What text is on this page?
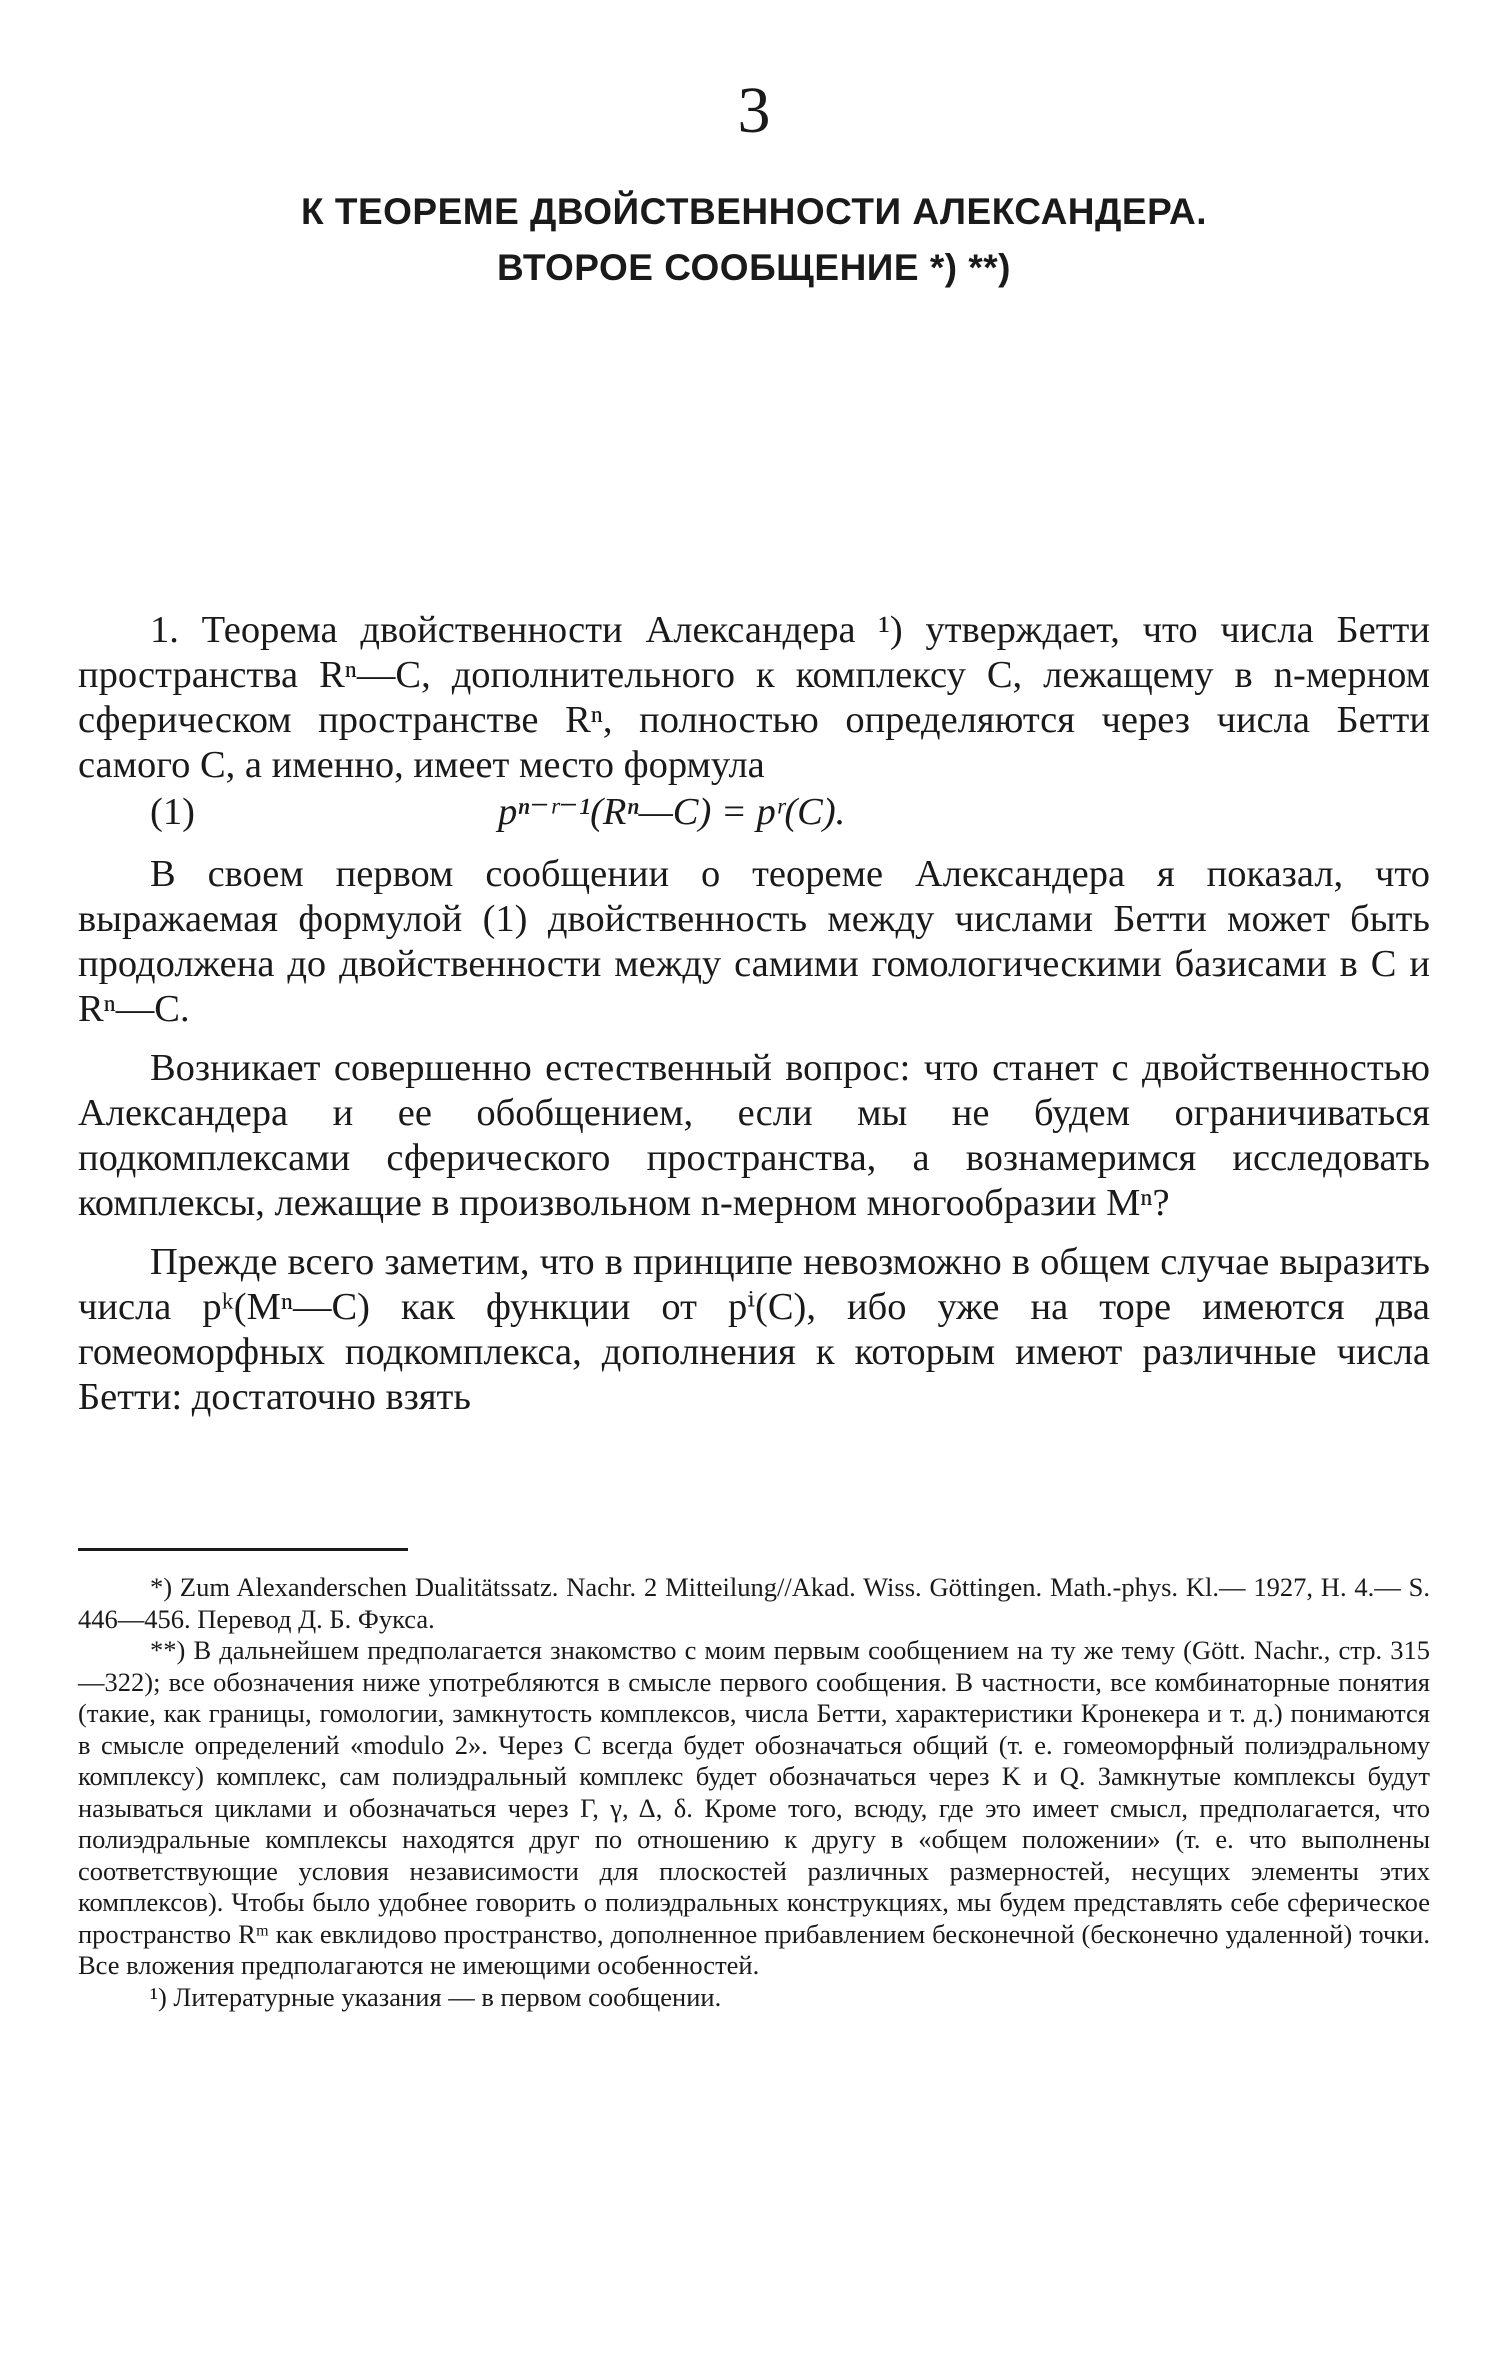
3
К ТЕОРЕМЕ ДВОЙСТВЕННОСТИ АЛЕКСАНДЕРА.
ВТОРОЕ СООБЩЕНИЕ *) **)

1. Теорема двойственности Александера ¹) утверждает, что числа Бетти пространства Rⁿ—C, дополнительного к комплексу C, лежащему в n-мерном сферическом пространстве Rⁿ, полностью определяются через числа Бетти самого C, а именно, имеет место формула

(1)	pⁿ⁻ʳ⁻¹(Rⁿ—C) = pʳ(C).

В своем первом сообщении о теореме Александера я показал, что выражаемая формулой (1) двойственность между числами Бетти может быть продолжена до двойственности между самими гомологическими базисами в C и Rⁿ—C.

Возникает совершенно естественный вопрос: что станет с двойственностью Александера и ее обобщением, если мы не будем ограничиваться подкомплексами сферического пространства, а вознамеримся исследовать комплексы, лежащие в произвольном n-мерном многообразии Mⁿ?

Прежде всего заметим, что в принципе невозможно в общем случае выразить числа pᵏ(Mⁿ—C) как функции от pⁱ(C), ибо уже на торе имеются два гомеоморфных подкомплекса, дополнения к которым имеют различные числа Бетти: достаточно взять

*) Zum Alexanderschen Dualitätssatz. Nachr. 2 Mitteilung//Akad. Wiss. Göttingen. Math.-phys. Kl.— 1927, H. 4.— S. 446—456. Перевод Д. Б. Фукса.

**) В дальнейшем предполагается знакомство с моим первым сообщением на ту же тему (Gött. Nachr., стр. 315—322); все обозначения ниже употребляются в смысле первого сообщения. В частности, все комбинаторные понятия (такие, как границы, гомологии, замкнутость комплексов, числа Бетти, характеристики Кронекера и т. д.) понимаются в смысле определений «modulo 2». Через C всегда будет обозначаться общий (т. е. гомеоморфный полиэдральному комплексу) комплекс, сам полиэдральный комплекс будет обозначаться через K и Q. Замкнутые комплексы будут называться циклами и обозначаться через Γ, γ, Δ, δ. Кроме того, всюду, где это имеет смысл, предполагается, что полиэдральные комплексы находятся друг по отношению к другу в «общем положении» (т. е. что выполнены соответствующие условия независимости для плоскостей различных размерностей, несущих элементы этих комплексов). Чтобы было удобнее говорить о полиэдральных конструкциях, мы будем представлять себе сферическое пространство Rᵐ как евклидово пространство, дополненное прибавлением бесконечной (бесконечно удаленной) точки. Все вложения предполагаются не имеющими особенностей.

¹) Литературные указания — в первом сообщении.
